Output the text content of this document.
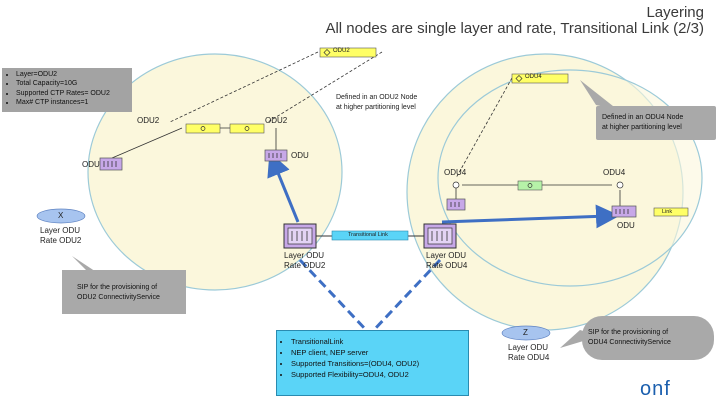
Layering
All nodes are single layer and rate, Transitional Link (2/3)
• Layer=ODU2
• Total Capacity=10G
• Supported CTP Rates= ODU2
• Max# CTP instances=1
Defined in an ODU2 Node
at higher partitioning level
Defined in an ODU4 Node
at higher partitioning level
SIP for the provisioning of
ODU2 ConnectivityService
SIP for the provisioning of
ODU4 ConnectivityService
ODU2
ODU4
ODU2	ODU2
ODU
ODU
ODU4	ODU4
ODU
Link
Transitional Link
X
Z
Layer ODU
Rate ODU2
Layer ODU
Rate ODU2
Layer ODU
Rate ODU4
Layer ODU
Rate ODU4
• TransitionalLink
• NEP client, NEP server
• Supported Transitions=(ODU4, ODU2)
• Supported Flexibility=ODU4, ODU2
onf
